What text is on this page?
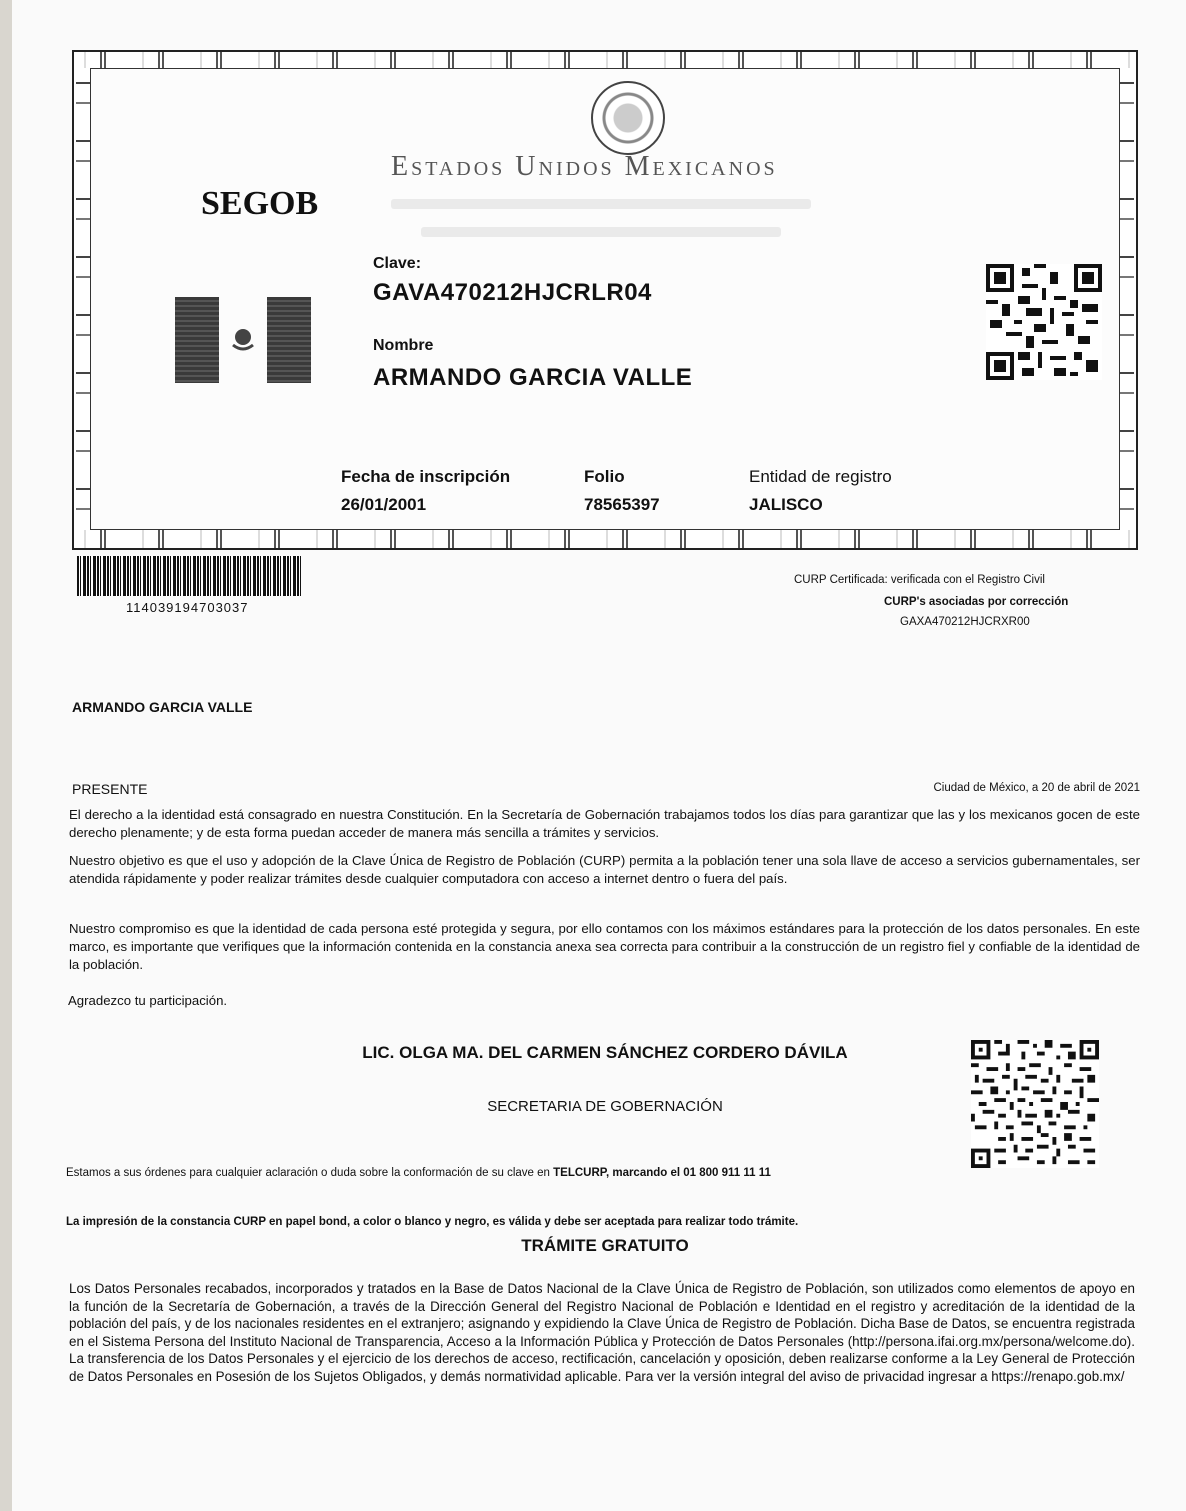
Estados Unidos Mexicanos
SEGOB
Clave:
GAVA470212HJCRLR04
Nombre
ARMANDO GARCIA VALLE
Fecha de inscripción
26/01/2001
Folio
78565397
Entidad de registro
JALISCO
114039194703037
CURP Certificada: verificada con el Registro Civil
CURP's asociadas por corrección
GAXA470212HJCRXR00
ARMANDO GARCIA VALLE
PRESENTE	Ciudad de México, a 20 de abril de 2021
El derecho a la identidad está consagrado en nuestra Constitución. En la Secretaría de Gobernación trabajamos todos los días para garantizar que las y los mexicanos gocen de este derecho plenamente; y de esta forma puedan acceder de manera más sencilla a trámites y servicios.
Nuestro objetivo es que el uso y adopción de la Clave Única de Registro de Población (CURP) permita a la población tener una sola llave de acceso a servicios gubernamentales, ser atendida rápidamente y poder realizar trámites desde cualquier computadora con acceso a internet dentro o fuera del país.
Nuestro compromiso es que la identidad de cada persona esté protegida y segura, por ello contamos con los máximos estándares para la protección de los datos personales. En este marco, es importante que verifiques que la información contenida en la constancia anexa sea correcta para contribuir a la construcción de un registro fiel y confiable de la identidad de la población.
Agradezco tu participación.
LIC. OLGA MA. DEL CARMEN SÁNCHEZ CORDERO DÁVILA
SECRETARIA DE GOBERNACIÓN
Estamos a sus órdenes para cualquier aclaración o duda sobre la conformación de su clave en TELCURP, marcando el 01 800 911 11 11
La impresión de la constancia CURP en papel bond, a color o blanco y negro, es válida y debe ser aceptada para realizar todo trámite.
TRÁMITE GRATUITO
Los Datos Personales recabados, incorporados y tratados en la Base de Datos Nacional de la Clave Única de Registro de Población, son utilizados como elementos de apoyo en la función de la Secretaría de Gobernación, a través de la Dirección General del Registro Nacional de Población e Identidad en el registro y acreditación de la identidad de la población del país, y de los nacionales residentes en el extranjero; asignando y expidiendo la Clave Única de Registro de Población. Dicha Base de Datos, se encuentra registrada en el Sistema Persona del Instituto Nacional de Transparencia, Acceso a la Información Pública y Protección de Datos Personales (http://persona.ifai.org.mx/persona/welcome.do). La transferencia de los Datos Personales y el ejercicio de los derechos de acceso, rectificación, cancelación y oposición, deben realizarse conforme a la Ley General de Protección de Datos Personales en Posesión de los Sujetos Obligados, y demás normatividad aplicable. Para ver la versión integral del aviso de privacidad ingresar a https://renapo.gob.mx/
